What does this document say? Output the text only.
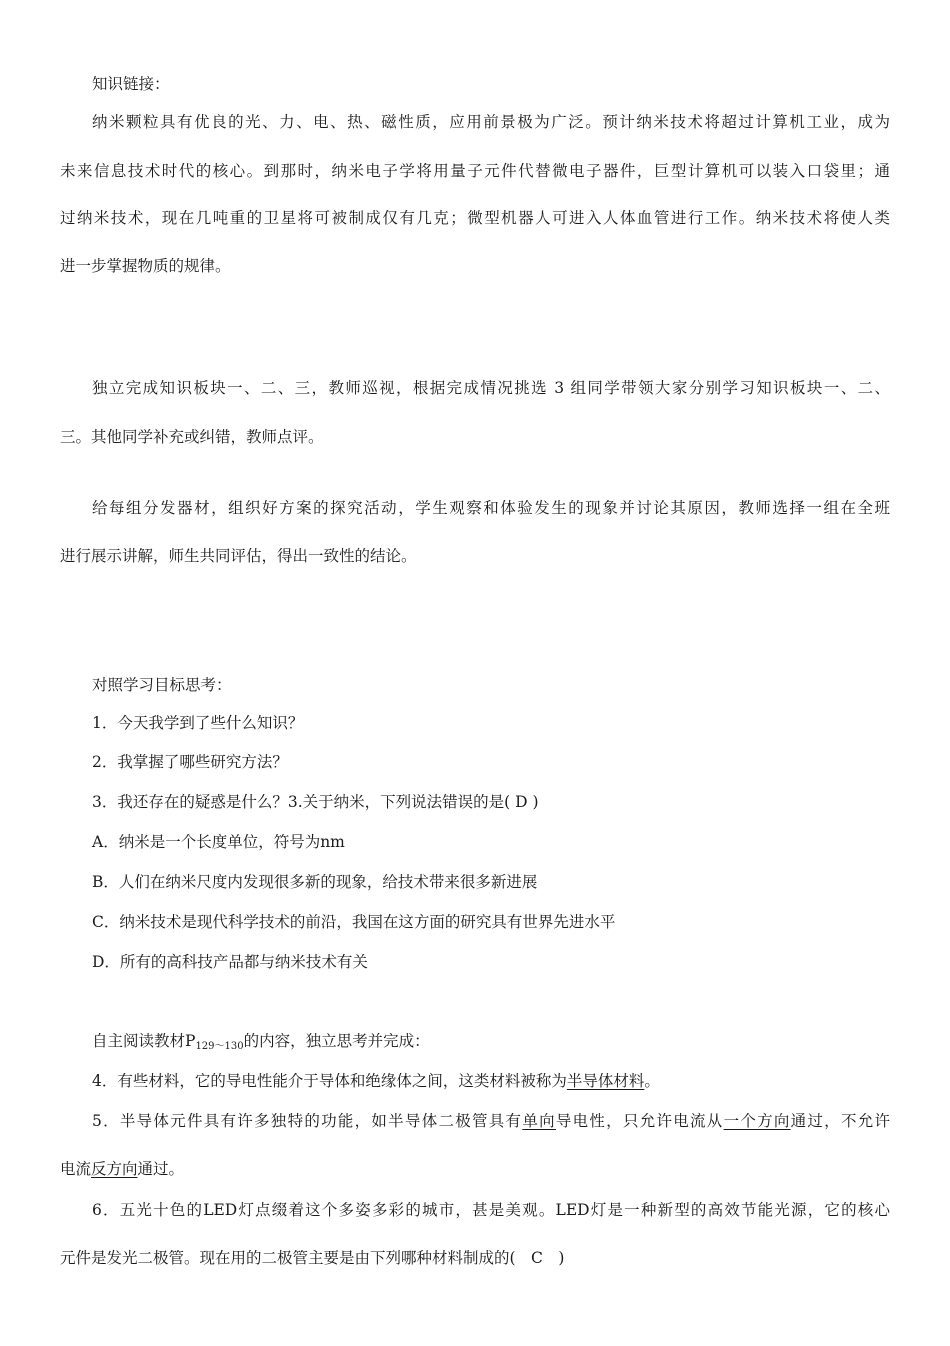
知识链接：
纳米颗粒具有优良的光、力、电、热、磁性质，应用前景极为广泛。预计纳米技术将超过计算机工业，成为
未来信息技术时代的核心。到那时，纳米电子学将用量子元件代替微电子器件，巨型计算机可以装入口袋里；通
过纳米技术，现在几吨重的卫星将可被制成仅有几克；微型机器人可进入人体血管进行工作。纳米技术将使人类
进一步掌握物质的规律。
独立完成知识板块一、二、三，教师巡视，根据完成情况挑选 3 组同学带领大家分别学习知识板块一、二、
三。其他同学补充或纠错，教师点评。
给每组分发器材，组织好方案的探究活动，学生观察和体验发生的现象并讨论其原因，教师选择一组在全班
进行展示讲解，师生共同评估，得出一致性的结论。
对照学习目标思考：
1．今天我学到了些什么知识？
2．我掌握了哪些研究方法？
3．我还存在的疑惑是什么？3.关于纳米，下列说法错误的是( D )
A．纳米是一个长度单位，符号为nm
B．人们在纳米尺度内发现很多新的现象，给技术带来很多新进展
C．纳米技术是现代科学技术的前沿，我国在这方面的研究具有世界先进水平
D．所有的高科技产品都与纳米技术有关
自主阅读教材$P_{129\sim 130}$的内容，独立思考并完成：
4．有些材料，它的导电性能介于导体和绝缘体之间，这类材料被称为半导体材料。
5．半导体元件具有许多独特的功能，如半导体二极管具有单向导电性，只允许电流从一个方向通过，不允许
电流反方向通过。
6．五光十色的LED灯点缀着这个多姿多彩的城市，甚是美观。LED灯是一种新型的高效节能光源，它的核心
元件是发光二极管。现在用的二极管主要是由下列哪种材料制成的(　C　)
